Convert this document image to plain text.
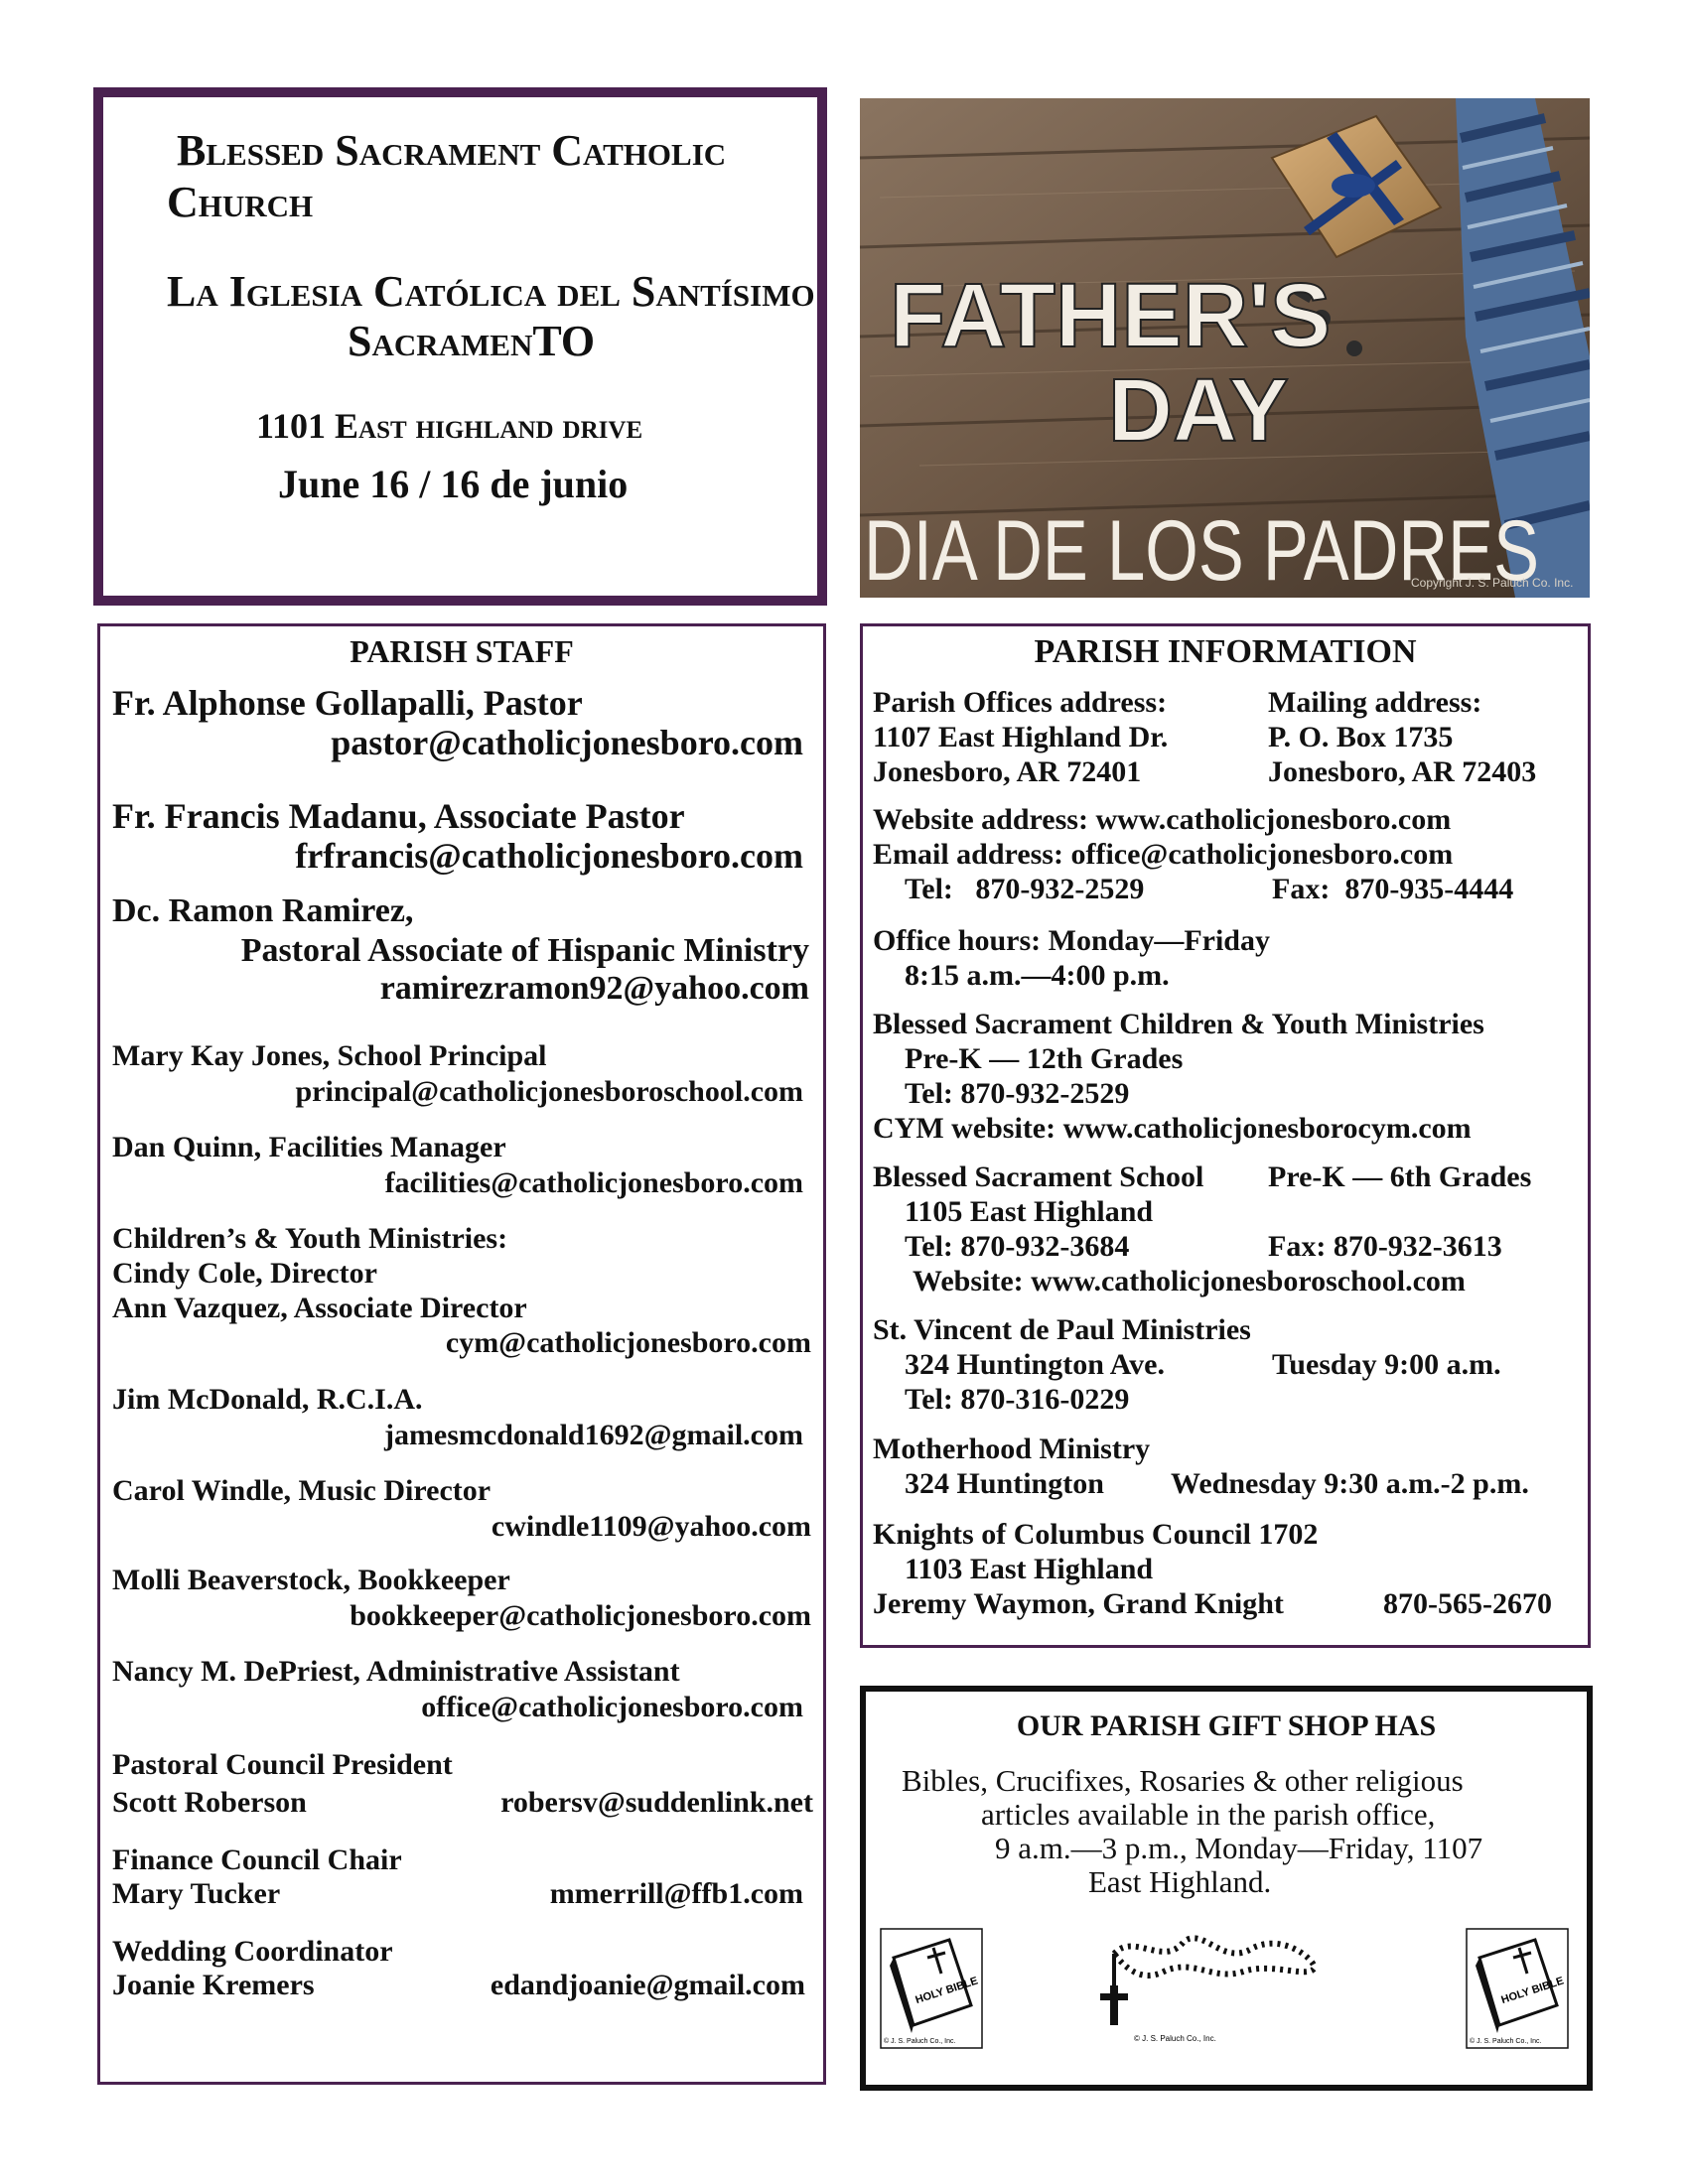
Blessed Sacrament Catholic
Church
La Iglesia Católica del Santísimo
SacramenTO
1101 East highland drive
June 16 / 16 de junio
FATHER'S
DAY
DIA DE LOS PADRES
Copyright J. S. Paluch Co. Inc.
PARISH STAFF
Fr. Alphonse Gollapalli, Pastor
pastor@catholicjonesboro.com
Fr. Francis Madanu, Associate Pastor
frfrancis@catholicjonesboro.com
Dc. Ramon Ramirez,
Pastoral Associate of Hispanic Ministry
ramirezramon92@yahoo.com
Mary Kay Jones, School Principal
principal@catholicjonesboroschool.com
Dan Quinn, Facilities Manager
facilities@catholicjonesboro.com
Children’s & Youth Ministries:
Cindy Cole, Director
Ann Vazquez, Associate Director
cym@catholicjonesboro.com
Jim McDonald, R.C.I.A.
jamesmcdonald1692@gmail.com
Carol Windle, Music Director
cwindle1109@yahoo.com
Molli Beaverstock, Bookkeeper
bookkeeper@catholicjonesboro.com
Nancy M. DePriest, Administrative Assistant
office@catholicjonesboro.com
Pastoral Council President
Scott Roberson	robersv@suddenlink.net
Finance Council Chair
Mary Tucker	mmerrill@ffb1.com
Wedding Coordinator
Joanie Kremers	edandjoanie@gmail.com
PARISH INFORMATION
Parish Offices address:
1107 East Highland Dr.
Jonesboro, AR 72401
Mailing address:
P. O. Box 1735
Jonesboro, AR 72403
Website address: www.catholicjonesboro.com
Email address: office@catholicjonesboro.com
Tel:   870-932-2529	Fax:  870-935-4444
Office hours: Monday—Friday
8:15 a.m.—4:00 p.m.
Blessed Sacrament Children & Youth Ministries
Pre-K — 12th Grades
Tel: 870-932-2529
CYM website: www.catholicjonesborocym.com
Blessed Sacrament School Pre-K — 6th Grades
1105 East Highland
Tel: 870-932-3684	Fax: 870-932-3613
Website: www.catholicjonesboroschool.com
St. Vincent de Paul Ministries
324 Huntington Ave.	Tuesday 9:00 a.m.
Tel: 870-316-0229
Motherhood Ministry
324 Huntington Wednesday 9:30 a.m.-2 p.m.
Knights of Columbus Council 1702
1103 East Highland
Jeremy Waymon, Grand Knight	870-565-2670
OUR PARISH GIFT SHOP HAS
Bibles, Crucifixes, Rosaries & other religious
articles available in the parish office,
9 a.m.—3 p.m., Monday—Friday, 1107
East Highland.
HOLY BIBLE
© J. S. Paluch Co., Inc.	© J. S. Paluch Co., Inc.
HOLY BIBLE
© J. S. Paluch Co., Inc.
